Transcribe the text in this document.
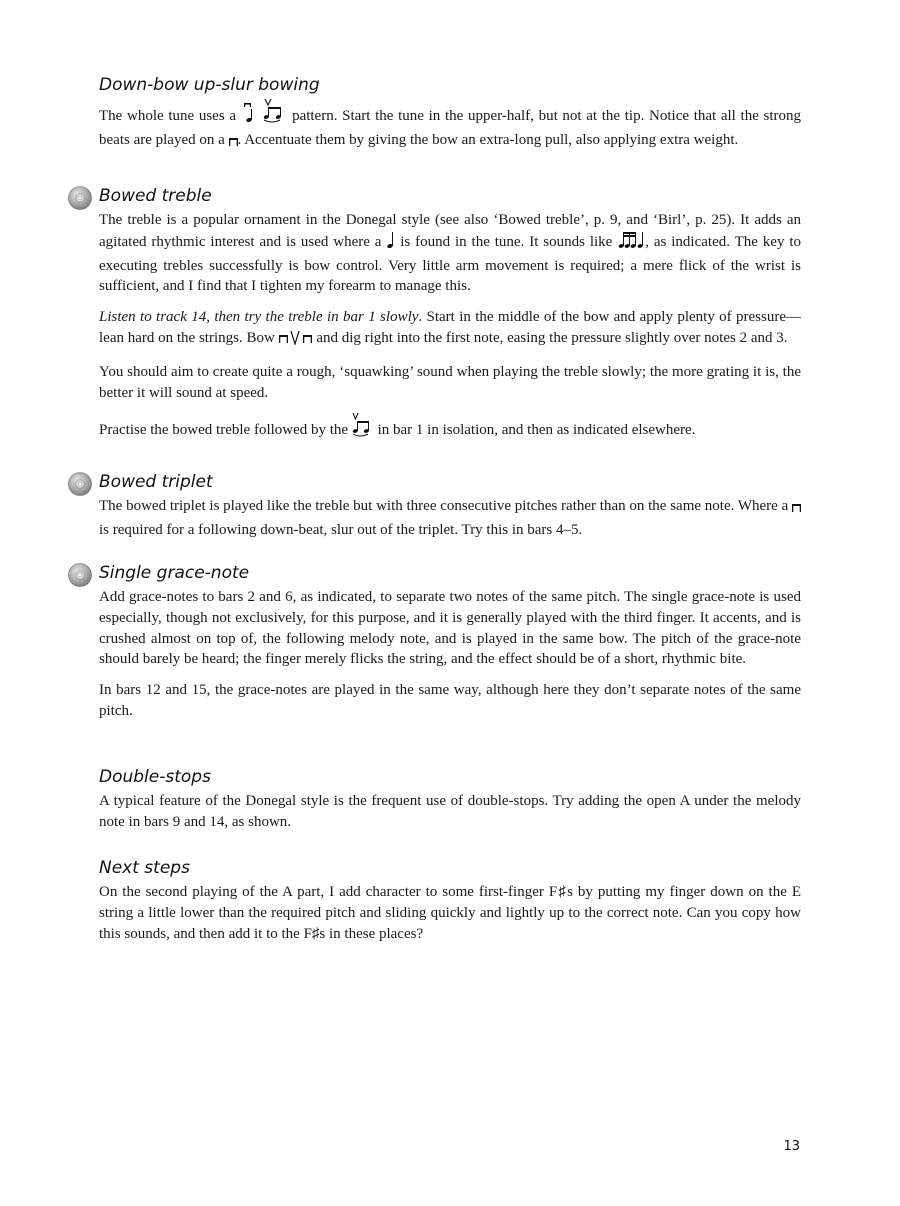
Down-bow up-slur bowing

The whole tune uses a	pattern. Start the tune in the upper-half, but not at the tip. Notice that all the strong beats are played on a . Accentuate them by giving the bow an extra-long pull, also applying extra weight.

Bowed treble

The treble is a popular ornament in the Donegal style (see also ‘Bowed treble’, p. 9, and ‘Birl’, p. 25). It adds an agitated rhythmic interest and is used where a is found in the tune. It sounds like , as indicated. The key to executing trebles successfully is bow control. Very little arm movement is required; a mere flick of the wrist is sufficient, and I find that I tighten my forearm to manage this.

Listen to track 14, then try the treble in bar 1 slowly. Start in the middle of the bow and apply plenty of pressure—lean hard on the strings. Bow	and dig right into the first note, easing the pressure slightly over notes 2 and 3.

You should aim to create quite a rough, ‘squawking’ sound when playing the treble slowly; the more grating it is, the better it will sound at speed.

Practise the bowed treble followed by the in bar 1 in isolation, and then as indicated elsewhere.

Bowed triplet

The bowed triplet is played like the treble but with three consecutive pitches rather than on the same note. Where a  is required for a following down-beat, slur out of the triplet. Try this in bars 4–5.

Single grace-note

Add grace-notes to bars 2 and 6, as indicated, to separate two notes of the same pitch. The single grace-note is used especially, though not exclusively, for this purpose, and it is generally played with the third finger. It accents, and is crushed almost on top of, the following melody note, and is played in the same bow. The pitch of the grace-note should barely be heard; the finger merely flicks the string, and the effect should be of a short, rhythmic bite.

In bars 12 and 15, the grace-notes are played in the same way, although here they don’t separate notes of the same pitch.

Double-stops

A typical feature of the Donegal style is the frequent use of double-stops. Try adding the open A under the melody note in bars 9 and 14, as shown.

Next steps

On the second playing of the A part, I add character to some first-finger F♯s by putting my finger down on the E string a little lower than the required pitch and sliding quickly and lightly up to the correct note. Can you copy how this sounds, and then add it to the F♯s in these places?

13
